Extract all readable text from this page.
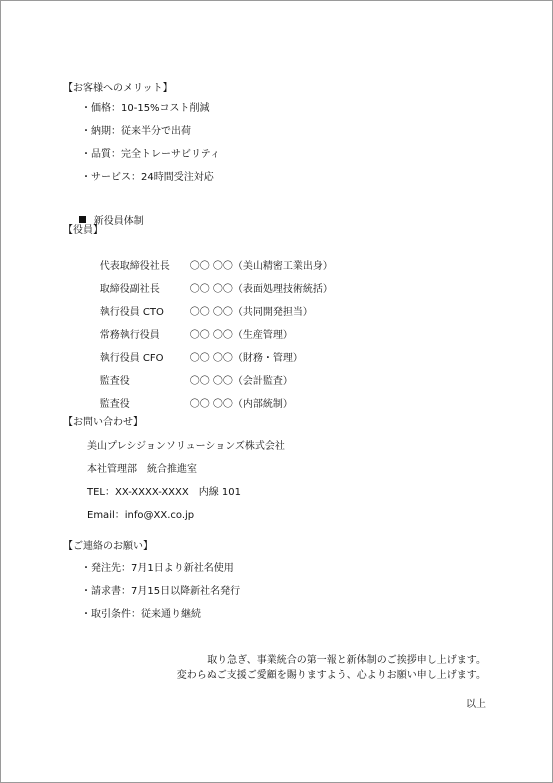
【お客様へのメリット】
・価格：10-15%コスト削減
・納期：従来半分で出荷
・品質：完全トレーサビリティ
・サービス：24時間受注対応

新役員体制

【役員】

代表取締役社長 〇〇 〇〇（美山精密工業出身）

取締役副社長	〇〇 〇〇（表面処理技術統括）

執行役員 CTO	〇〇 〇〇（共同開発担当）

常務執行役員	〇〇 〇〇（生産管理）

執行役員 CFO	〇〇 〇〇（財務・管理）

監査役	〇〇 〇〇（会計監査）

監査役	〇〇 〇〇（内部統制）

【お問い合わせ】
美山プレシジョンソリューションズ株式会社
本社管理部　統合推進室
TEL：XX-XXXX-XXXX　内線 101
Email：info@XX.co.jp
【ご連絡のお願い】
・発注先：7月1日より新社名使用
・請求書：7月15日以降新社名発行
・取引条件：従来通り継続
取り急ぎ、事業統合の第一報と新体制のご挨拶申し上げます。
変わらぬご支援ご愛顧を賜りますよう、心よりお願い申し上げます。
以上
